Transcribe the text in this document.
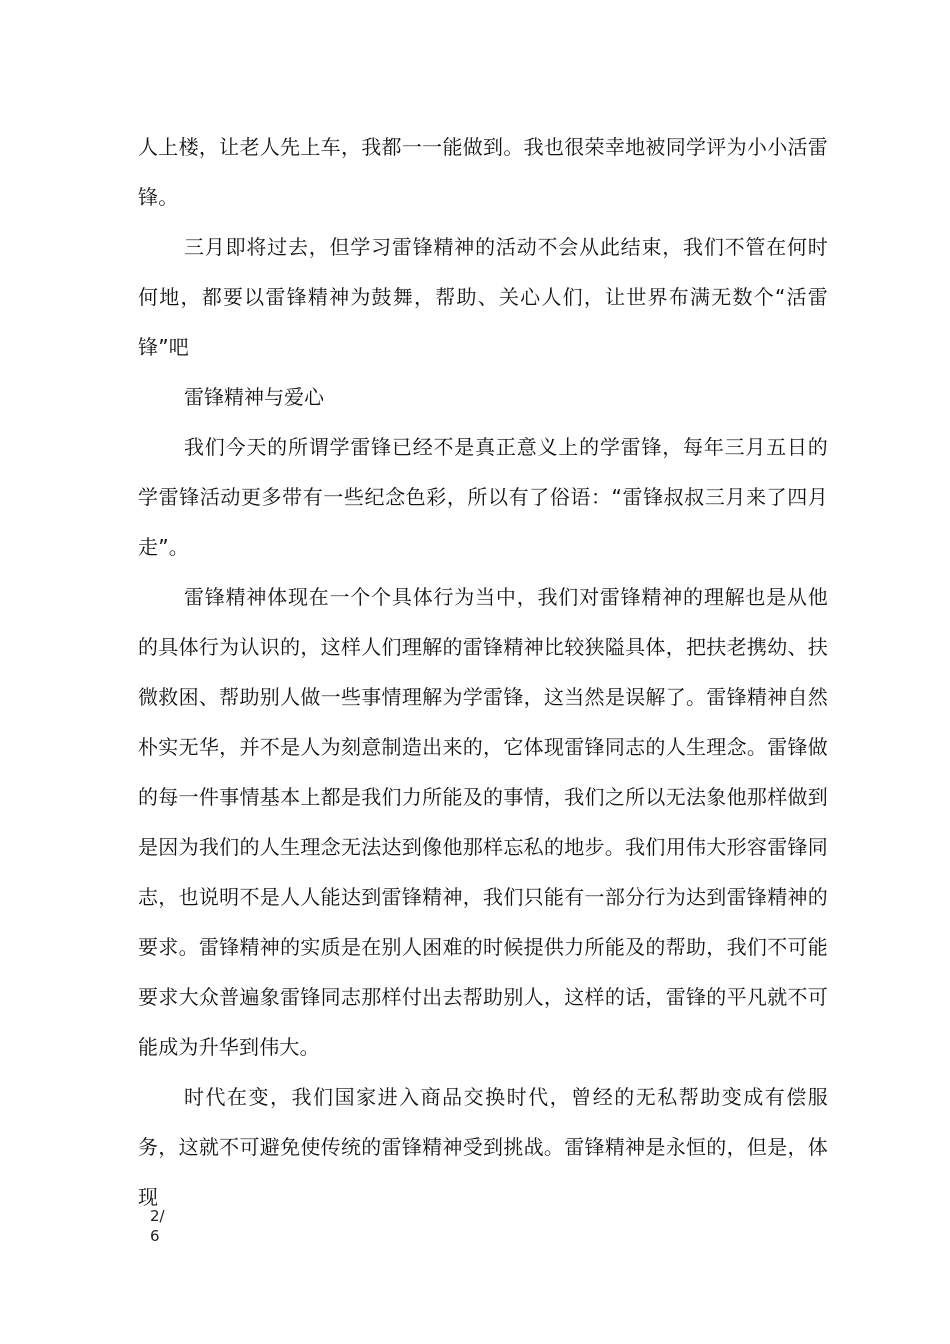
人上楼，让老人先上车，我都一一能做到。我也很荣幸地被同学评为小小活雷锋。

三月即将过去，但学习雷锋精神的活动不会从此结束，我们不管在何时何地，都要以雷锋精神为鼓舞，帮助、关心人们，让世界布满无数个“活雷锋”吧

雷锋精神与爱心

我们今天的所谓学雷锋已经不是真正意义上的学雷锋，每年三月五日的学雷锋活动更多带有一些纪念色彩，所以有了俗语：“雷锋叔叔三月来了四月走”。

雷锋精神体现在一个个具体行为当中，我们对雷锋精神的理解也是从他的具体行为认识的，这样人们理解的雷锋精神比较狭隘具体，把扶老携幼、扶微救困、帮助别人做一些事情理解为学雷锋，这当然是误解了。雷锋精神自然朴实无华，并不是人为刻意制造出来的，它体现雷锋同志的人生理念。雷锋做的每一件事情基本上都是我们力所能及的事情，我们之所以无法象他那样做到是因为我们的人生理念无法达到像他那样忘私的地步。我们用伟大形容雷锋同志，也说明不是人人能达到雷锋精神，我们只能有一部分行为达到雷锋精神的要求。雷锋精神的实质是在别人困难的时候提供力所能及的帮助，我们不可能要求大众普遍象雷锋同志那样付出去帮助别人，这样的话，雷锋的平凡就不可能成为升华到伟大。

时代在变，我们国家进入商品交换时代，曾经的无私帮助变成有偿服务，这就不可避免使传统的雷锋精神受到挑战。雷锋精神是永恒的，但是，体现

2/
6
